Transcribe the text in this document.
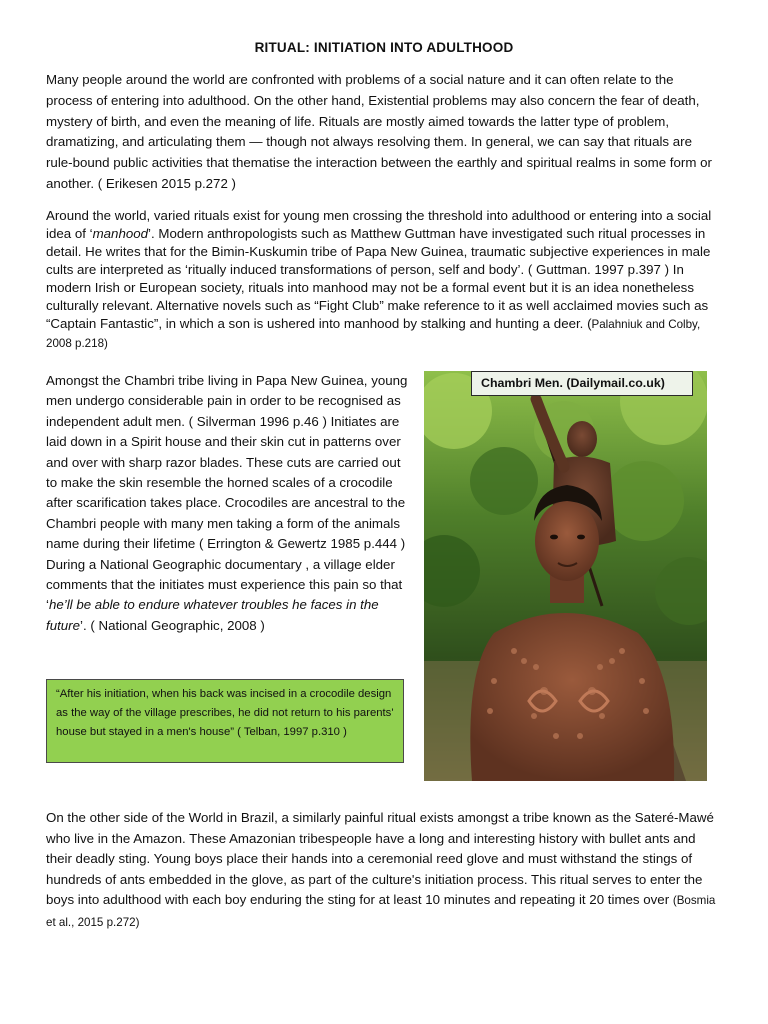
RITUAL: INITIATION INTO ADULTHOOD

Many people around the world are confronted with problems of a social nature and it can often relate to the process of entering into adulthood. On the other hand, Existential problems may also concern the fear of death, mystery of birth, and even the meaning of life. Rituals are mostly aimed towards the latter type of problem, dramatizing, and articulating them — though not always resolving them. In general, we can say that rituals are rule-bound public activities that thematise the interaction between the earthly and spiritual realms in some form or another. ( Erikesen 2015 p.272 )

Around the world, varied rituals exist for young men crossing the threshold into adulthood or entering into a social idea of ‘manhood’. Modern anthropologists such as Matthew Guttman have investigated such ritual processes in detail. He writes that for the Bimin-Kuskumin tribe of Papa New Guinea, traumatic subjective experiences in male cults are interpreted as ‘ritually induced transformations of person, self and body’. ( Guttman. 1997 p.397 ) In modern Irish or European society, rituals into manhood may not be a formal event but it is an idea nonetheless culturally relevant. Alternative novels such as “Fight Club” make reference to it as well acclaimed movies such as “Captain Fantastic”, in which a son is ushered into manhood by stalking and hunting a deer. (Palahniuk and Colby, 2008 p.218)

Amongst the Chambri tribe living in Papa New Guinea, young men undergo considerable pain in order to be recognised as independent adult men. ( Silverman 1996 p.46 ) Initiates are laid down in a Spirit house and their skin cut in patterns over and over with sharp razor blades. These cuts are carried out to make the skin resemble the horned scales of a crocodile after scarification takes place. Crocodiles are ancestral to the Chambri people with many men taking a form of the animals name during their lifetime ( Errington & Gewertz 1985 p.444 ) During a National Geographic documentary , a village elder comments that the initiates must experience this pain so that ‘he’ll be able to endure whatever troubles he faces in the future’. ( National Geographic, 2008 )

“After his initiation, when his back was incised in a crocodile design as the way of the village prescribes, he did not return to his parents' house but stayed in a men's house” ( Telban, 1997 p.310 )
Chambri Men. (Dailymail.co.uk)

On the other side of the World in Brazil, a similarly painful ritual exists amongst a tribe known as the Sateré-Mawé who live in the Amazon. These Amazonian tribespeople have a long and interesting history with bullet ants and their deadly sting. Young boys place their hands into a ceremonial reed glove and must withstand the stings of hundreds of ants embedded in the glove, as part of the culture's initiation process. This ritual serves to enter the boys into adulthood with each boy enduring the sting for at least 10 minutes and repeating it 20 times over (Bosmia et al., 2015 p.272)
